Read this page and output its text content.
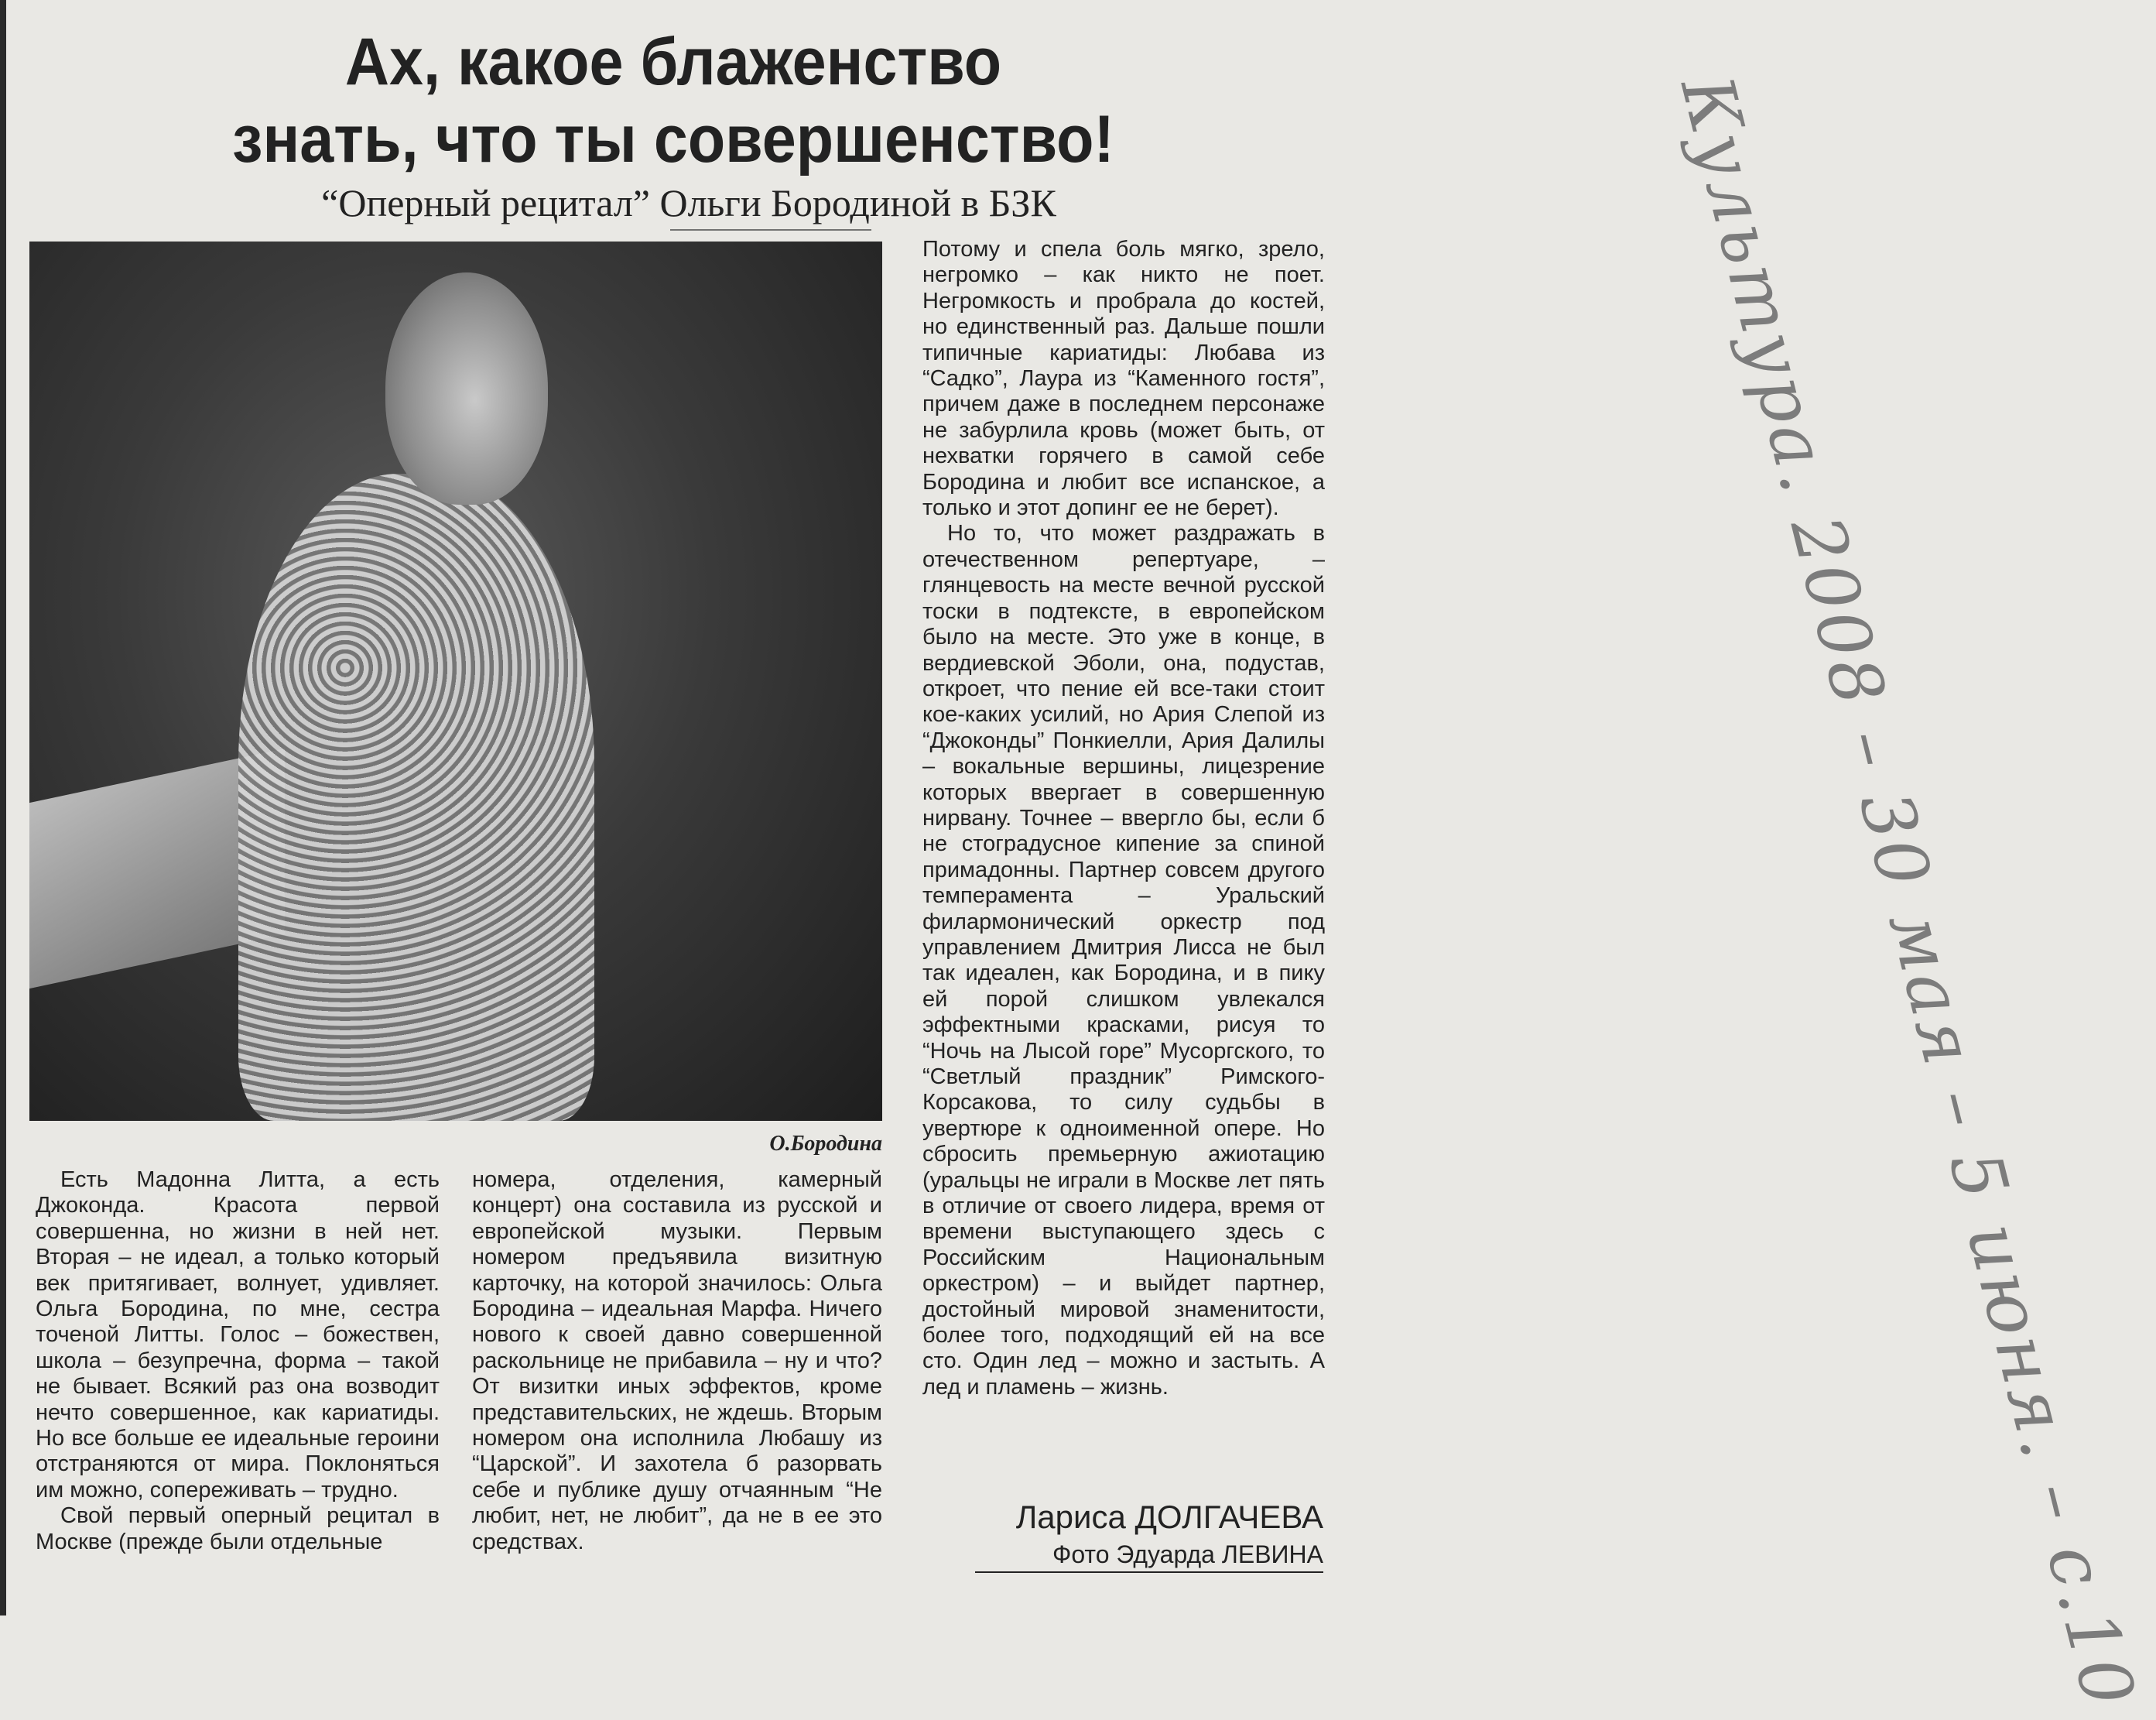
Ах, какое блаженство
знать, что ты совершенство!
“Оперный рецитал” Ольги Бородиной в БЗК
О.Бородина

Есть Мадонна Литта, а есть Джоконда. Красота первой совершенна, но жизни в ней нет. Вторая – не идеал, а только который век притягивает, волнует, удивляет. Ольга Бородина, по мне, сестра точеной Литты. Голос – божествен, школа – безупречна, форма – такой не бывает. Всякий раз она возводит нечто совершенное, как кариатиды. Но все больше ее идеальные героини отстраняются от мира. Поклоняться им можно, сопереживать – трудно.

Свой первый оперный рецитал в Москве (прежде были отдельные

номера, отделения, камерный концерт) она составила из русской и европейской музыки. Первым номером предъявила визитную карточку, на которой значилось: Ольга Бородина – идеальная Марфа. Ничего нового к своей давно совершенной раскольнице не прибавила – ну и что? От визитки иных эффектов, кроме представительских, не ждешь. Вторым номером она исполнила Любашу из “Царской”. И захотела б разорвать себе и публике душу отчаянным “Не любит, нет, не любит”, да не в ее это средствах.

Потому и спела боль мягко, зрело, негромко – как никто не поет. Негромкость и пробрала до костей, но единственный раз. Дальше пошли типичные кариатиды: Любава из “Садко”, Лаура из “Каменного гостя”, причем даже в последнем персонаже не забурлила кровь (может быть, от нехватки горячего в самой себе Бородина и любит все испанское, а только и этот допинг ее не берет).

Но то, что может раздражать в отечественном репертуаре, – глянцевость на месте вечной русской тоски в подтексте, в европейском было на месте. Это уже в конце, в вердиевской Эболи, она, подустав, откроет, что пение ей все-таки стоит кое-каких усилий, но Ария Слепой из “Джоконды” Понкиелли, Ария Далилы – вокальные вершины, лицезрение которых ввергает в совершенную нирвану. Точнее – ввергло бы, если б не стоградусное кипение за спиной примадонны. Партнер совсем другого темперамента – Уральский филармонический оркестр под управлением Дмитрия Лисса не был так идеален, как Бородина, и в пику ей порой слишком увлекался эффектными красками, рисуя то “Ночь на Лысой горе” Мусоргского, то “Светлый праздник” Римского-Корсакова, то силу судьбы в увертюре к одноименной опере. Но сбросить премьерную ажиотацию (уральцы не играли в Москве лет пять в отличие от своего лидера, время от времени выступающего здесь с Российским Национальным оркестром) – и выйдет партнер, достойный мировой знаменитости, более того, подходящий ей на все сто. Один лед – можно и застыть. А лед и пламень – жизнь.

Лариса ДОЛГАЧЕВА
Фото Эдуарда ЛЕВИНА	Культура. 2008 – 30 мая – 5 июня. – с.10
